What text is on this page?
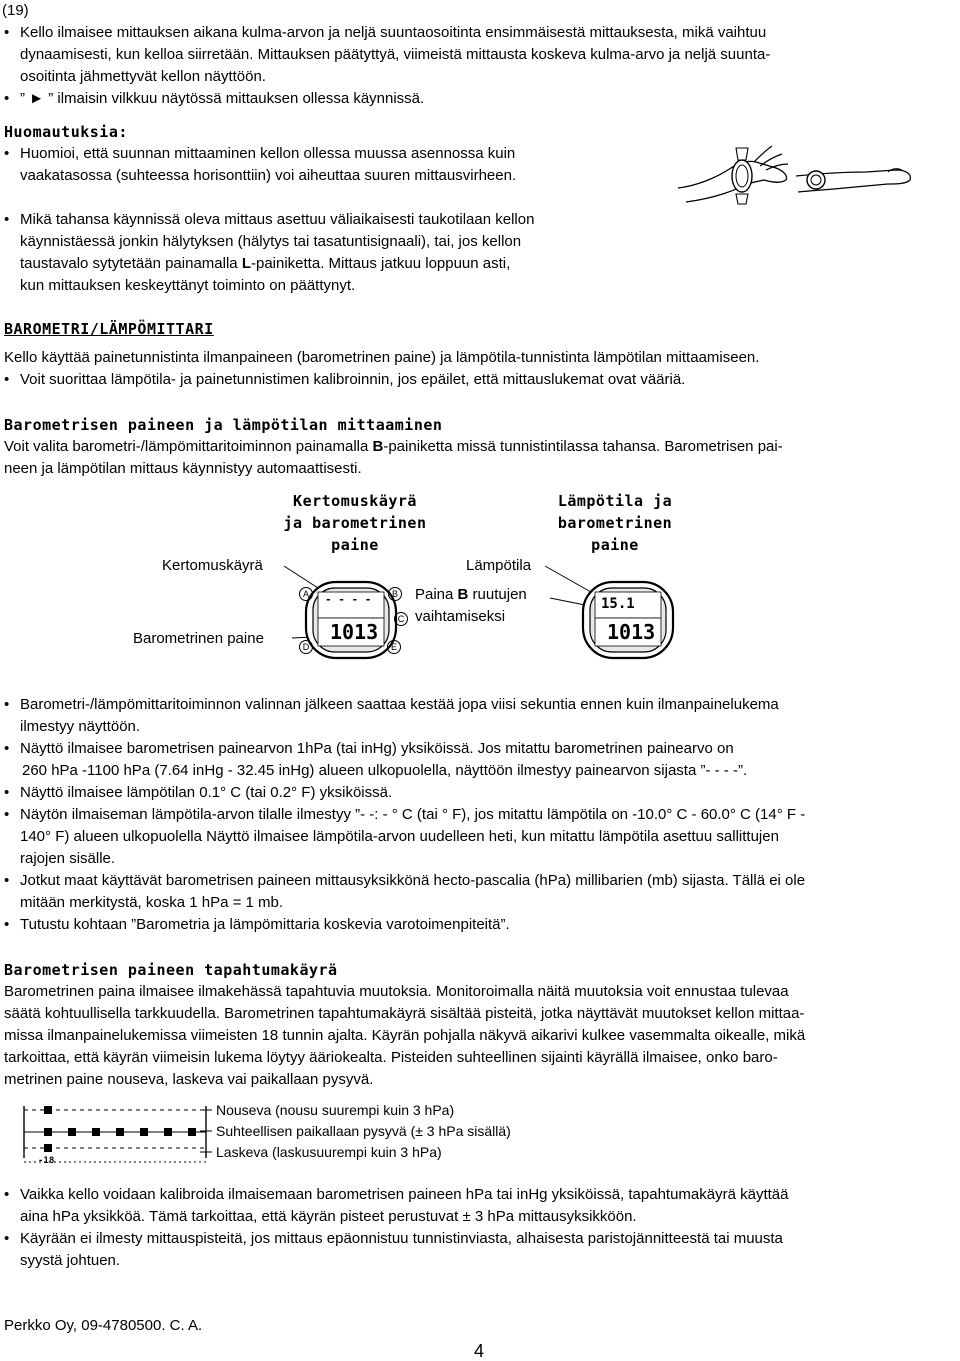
(19)
• Kello ilmaisee mittauksen aikana kulma-arvon ja neljä suuntaosoitinta ensimmäisestä mittauksesta, mikä vaihtuu
dynaamisesti, kun kelloa siirretään. Mittauksen päätyttyä, viimeistä mittausta koskeva kulma-arvo ja neljä suunta-
osoitinta jähmettyvät kellon näyttöön.
• ” ► ” ilmaisin vilkkuu näytössä mittauksen ollessa käynnissä.
Huomautuksia:
• Huomioi, että suunnan mittaaminen kellon ollessa muussa asennossa kuin
vaakatasossa (suhteessa horisonttiin) voi aiheuttaa suuren mittausvirheen.
• Mikä tahansa käynnissä oleva mittaus asettuu väliaikaisesti taukotilaan kellon
käynnistäessä jonkin hälytyksen (hälytys tai tasatuntisignaali), tai, jos kellon
taustavalo sytytetään painamalla L-painiketta. Mittaus jatkuu loppuun asti,
kun mittauksen keskeyttänyt toiminto on päättynyt.
BAROMETRI/LÄMPÖMITTARI
Kello käyttää painetunnistinta ilmanpaineen (barometrinen paine) ja lämpötila-tunnistinta lämpötilan mittaamiseen.
• Voit suorittaa lämpötila- ja painetunnistimen kalibroinnin, jos epäilet, että mittauslukemat ovat vääriä.
Barometrisen paineen ja lämpötilan mittaaminen
Voit valita barometri-/lämpömittaritoiminnon painamalla B-painiketta missä tunnistintilassa tahansa. Barometrisen pai-
neen ja lämpötilan mittaus käynnistyy automaattisesti.
Kertomuskäyrä
ja barometrinen
paine
Lämpötila ja
barometrinen
paine
Kertomuskäyrä
Barometrinen paine
Lämpötila
Paina B ruutujen
vaihtamiseksi
- - - -
1013
A	B
C
D	E
15.1
1013
• Barometri-/lämpömittaritoiminnon valinnan jälkeen saattaa kestää jopa viisi sekuntia ennen kuin ilmanpainelukema
ilmestyy näyttöön.
• Näyttö ilmaisee barometrisen painearvon 1hPa (tai inHg) yksiköissä. Jos mitattu barometrinen painearvo on
260 hPa -1100 hPa (7.64 inHg - 32.45 inHg) alueen ulkopuolella, näyttöön ilmestyy painearvon sijasta ”- - - -”.
• Näyttö ilmaisee lämpötilan 0.1° C (tai 0.2° F) yksiköissä.
• Näytön ilmaiseman lämpötila-arvon tilalle ilmestyy ”- -: - ° C (tai ° F), jos mitattu lämpötila on -10.0° C - 60.0° C (14° F -
140° F) alueen ulkopuolella Näyttö ilmaisee lämpötila-arvon uudelleen heti, kun mitattu lämpötila asettuu sallittujen
rajojen sisälle.
• Jotkut maat käyttävät barometrisen paineen mittausyksikkönä hecto-pascalia (hPa) millibarien (mb) sijasta. Tällä ei ole
mitään merkitystä, koska 1 hPa = 1 mb.
• Tutustu kohtaan ”Barometria ja lämpömittaria koskevia varotoimenpiteitä”.
Barometrisen paineen tapahtumakäyrä
Barometrinen paina ilmaisee ilmakehässä tapahtuvia muutoksia. Monitoroimalla näitä muutoksia voit ennustaa tulevaa
säätä kohtuullisella tarkkuudella. Barometrinen tapahtumakäyrä sisältää pisteitä, jotka näyttävät muutokset kellon mittaa-
missa ilmanpainelukemissa viimeisten 18 tunnin ajalta. Käyrän pohjalla näkyvä aikarivi kulkee vasemmalta oikealle, mikä
tarkoittaa, että käyrän viimeisin lukema löytyy ääriokealta. Pisteiden suhteellinen sijainti käyrällä ilmaisee, onko baro-
metrinen paine nouseva, laskeva vai paikallaan pysyvä.
-18
Nouseva (nousu suurempi kuin 3 hPa)
Suhteellisen paikallaan pysyvä (± 3 hPa sisällä)
Laskeva (laskusuurempi kuin 3 hPa)
• Vaikka kello voidaan kalibroida ilmaisemaan barometrisen paineen hPa tai inHg yksiköissä, tapahtumakäyrä käyttää
aina hPa yksikköä. Tämä tarkoittaa, että käyrän pisteet perustuvat ± 3 hPa mittausyksikköön.
• Käyrään ei ilmesty mittauspisteitä, jos mittaus epäonnistuu tunnistinviasta, alhaisesta paristojännitteestä tai muusta
syystä johtuen.
Perkko Oy, 09-4780500. C. A.
4
